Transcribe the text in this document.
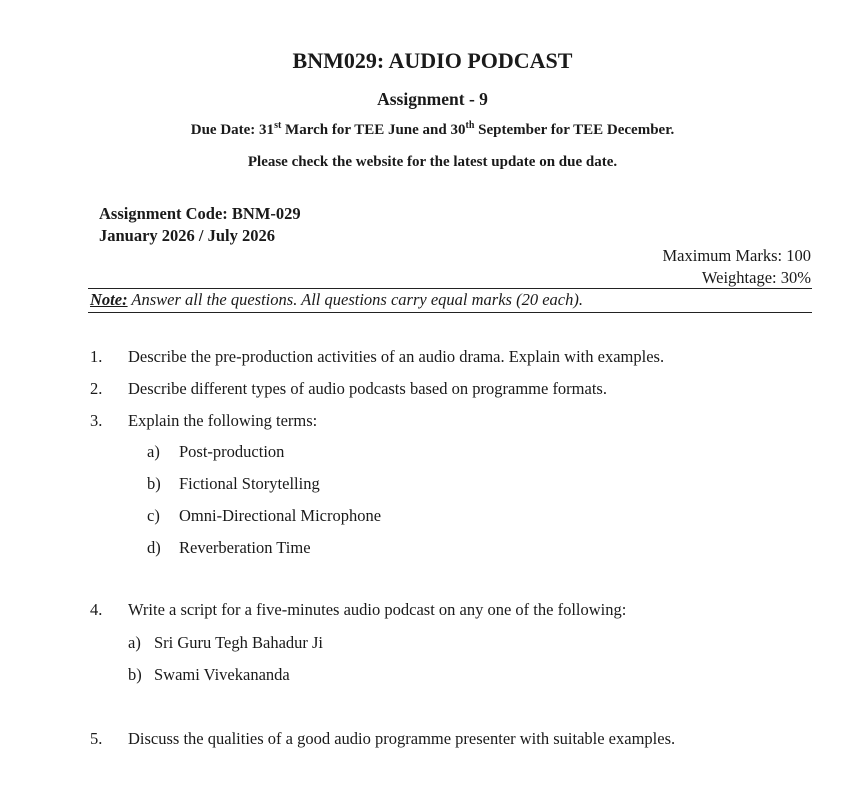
BNM029: AUDIO PODCAST
Assignment - 9
Due Date: 31st March for TEE June and 30th September for TEE December.
Please check the website for the latest update on due date.
Assignment Code: BNM-029
January 2026 / July 2026
Maximum Marks: 100
Weightage: 30%
Note: Answer all the questions. All questions carry equal marks (20 each).
1.	Describe the pre-production activities of an audio drama. Explain with examples.
2.	Describe different types of audio podcasts based on programme formats.
3.	Explain the following terms:
a) Post-production
b) Fictional Storytelling
c) Omni-Directional Microphone
d) Reverberation Time
4.	Write a script for a five-minutes audio podcast on any one of the following:
a) Sri Guru Tegh Bahadur Ji
b) Swami Vivekananda
5.	Discuss the qualities of a good audio programme presenter with suitable examples.
